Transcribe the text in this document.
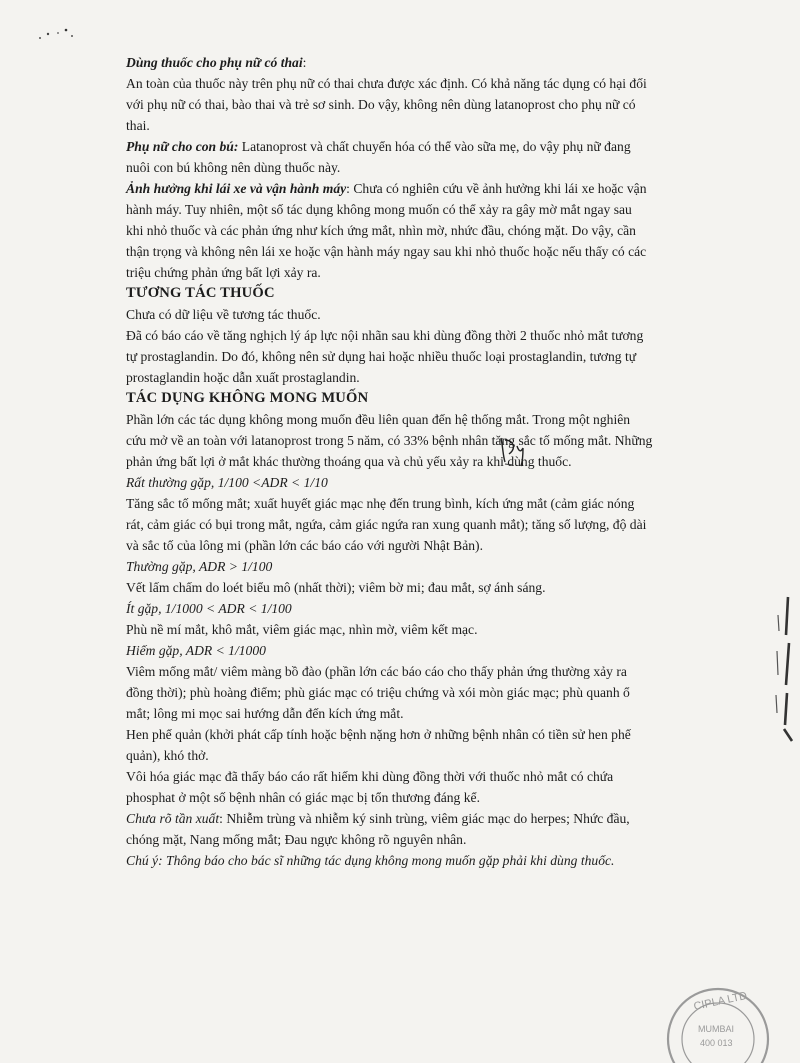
Dùng thuốc cho phụ nữ có thai:

An toàn của thuốc này trên phụ nữ có thai chưa được xác định. Có khả năng tác dụng có hại đối

với phụ nữ có thai, bào thai và trẻ sơ sinh. Do vậy, không nên dùng latanoprost cho phụ nữ có

thai.

Phụ nữ cho con bú: Latanoprost và chất chuyển hóa có thể vào sữa mẹ, do vậy phụ nữ đang

nuôi con bú không nên dùng thuốc này.

Ảnh hưởng khi lái xe và vận hành máy: Chưa có nghiên cứu về ảnh hưởng khi lái xe hoặc vận

hành máy. Tuy nhiên, một số tác dụng không mong muốn có thể xảy ra gây mờ mắt ngay sau

khi nhỏ thuốc và các phản ứng như kích ứng mắt, nhìn mờ, nhức đầu, chóng mặt. Do vậy, cần

thận trọng và không nên lái xe hoặc vận hành máy ngay sau khi nhỏ thuốc hoặc nếu thấy có các

triệu chứng phản ứng bất lợi xảy ra.

TƯƠNG TÁC THUỐC

Chưa có dữ liệu về tương tác thuốc.

Đã có báo cáo về tăng nghịch lý áp lực nội nhãn sau khi dùng đồng thời 2 thuốc nhỏ mắt tương

tự prostaglandin. Do đó, không nên sử dụng hai hoặc nhiều thuốc loại prostaglandin, tương tự

prostaglandin hoặc dẫn xuất prostaglandin.

TÁC DỤNG KHÔNG MONG MUỐN

Phần lớn các tác dụng không mong muốn đều liên quan đến hệ thống mắt. Trong một nghiên

cứu mở về an toàn với latanoprost trong 5 năm, có 33% bệnh nhân tăng sắc tố mống mắt. Những

phản ứng bất lợi ở mắt khác thường thoáng qua và chủ yếu xảy ra khi dùng thuốc.

Rất thường gặp, 1/100 <ADR < 1/10

Tăng sắc tố mống mắt; xuất huyết giác mạc nhẹ đến trung bình, kích ứng mắt (cảm giác nóng

rát, cảm giác có bụi trong mắt, ngứa, cảm giác ngứa ran xung quanh mắt); tăng số lượng, độ dài

và sắc tố của lông mi (phần lớn các báo cáo với người Nhật Bản).

Thường gặp, ADR > 1/100

Vết lấm chấm do loét biểu mô (nhất thời); viêm bờ mi; đau mắt, sợ ánh sáng.

Ít gặp, 1/1000 < ADR < 1/100

Phù nề mí mắt, khô mắt, viêm giác mạc, nhìn mờ, viêm kết mạc.

Hiếm gặp, ADR < 1/1000

Viêm mống mắt/ viêm màng bồ đào (phần lớn các báo cáo cho thấy phản ứng thường xảy ra

đồng thời); phù hoàng điểm; phù giác mạc có triệu chứng và xói mòn giác mạc; phù quanh ổ

mắt; lông mi mọc sai hướng dẫn đến kích ứng mắt.

Hen phế quản (khởi phát cấp tính hoặc bệnh nặng hơn ở những bệnh nhân có tiền sử hen phế

quản), khó thở.

Vôi hóa giác mạc đã thấy báo cáo rất hiếm khi dùng đồng thời với thuốc nhỏ mắt có chứa

phosphat ở một số bệnh nhân có giác mạc bị tổn thương đáng kể.

Chưa rõ tần xuất: Nhiễm trùng và nhiễm ký sinh trùng, viêm giác mạc do herpes; Nhức đầu,

chóng mặt, Nang mống mắt; Đau ngực không rõ nguyên nhân.

Chú ý: Thông báo cho bác sĩ những tác dụng không mong muốn gặp phải khi dùng thuốc.

CIPLA LTD
MUMBAI
400 013
